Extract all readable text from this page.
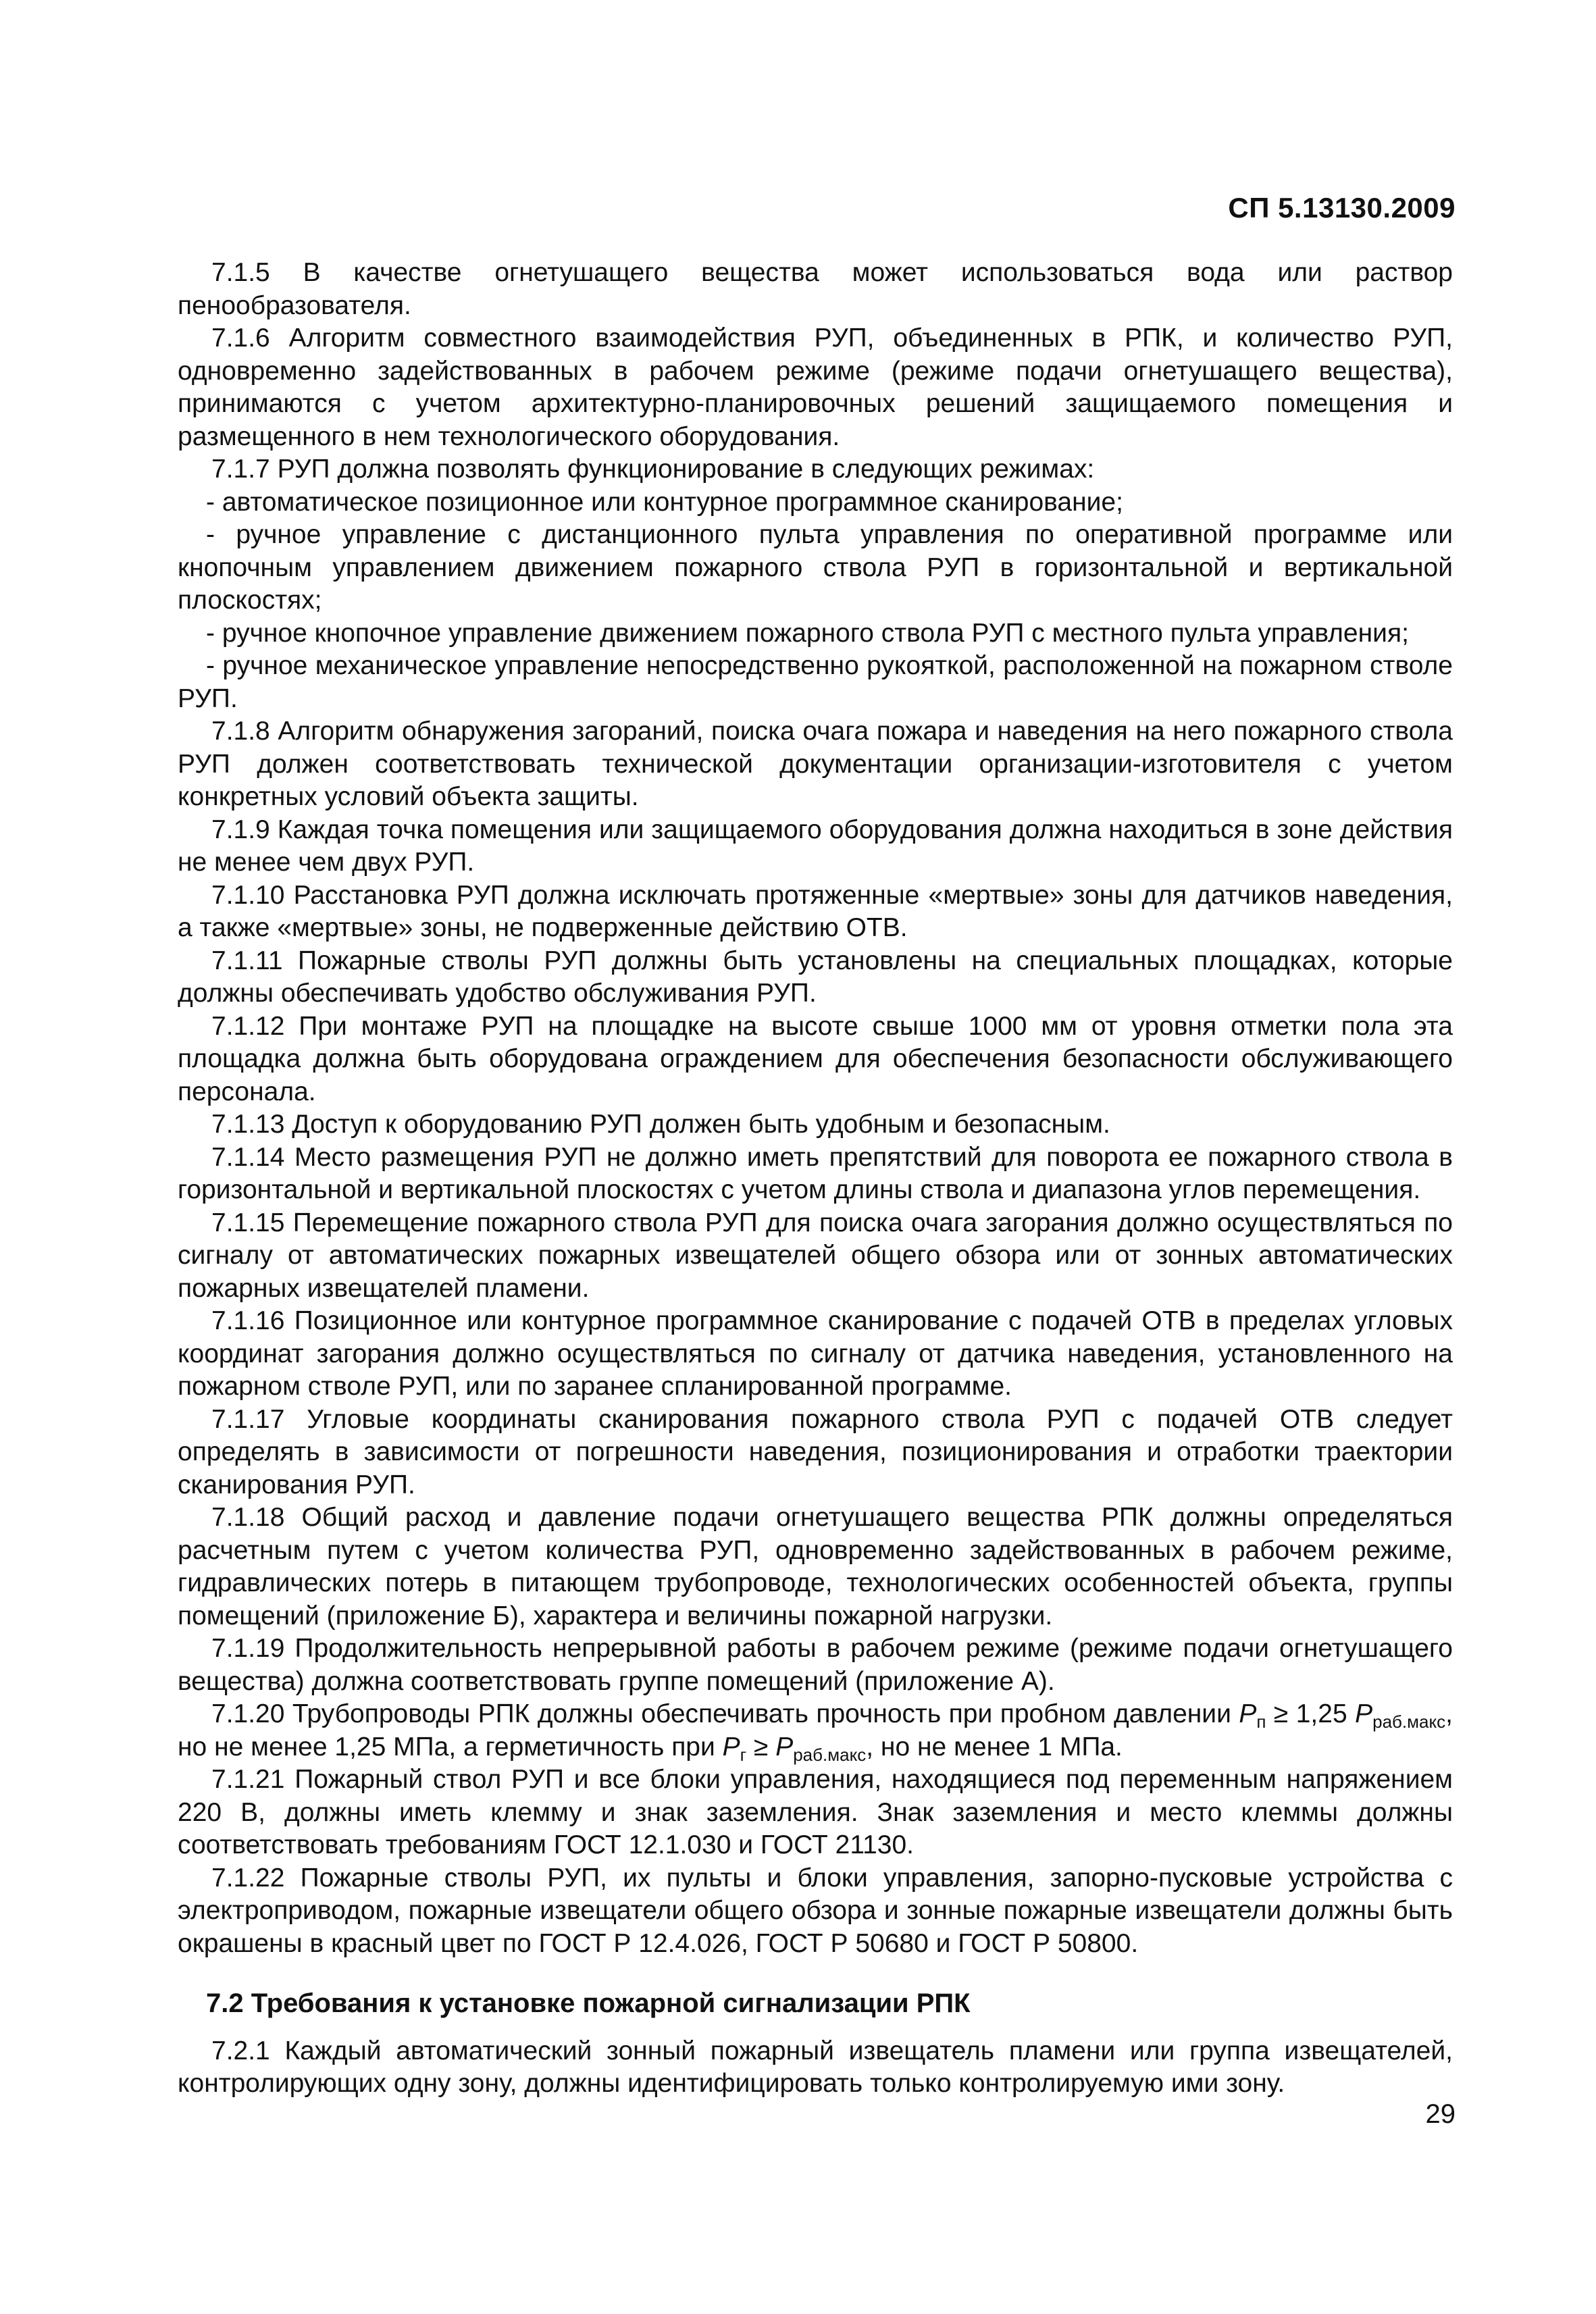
СП 5.13130.2009

7.1.5 В качестве огнетушащего вещества может использоваться вода или раствор пенообразователя.

7.1.6 Алгоритм совместного взаимодействия РУП, объединенных в РПК, и количество РУП, одновременно задействованных в рабочем режиме (режиме подачи огнетушащего вещества), принимаются с учетом архитектурно-планировочных решений защищаемого помещения и размещенного в нем технологического оборудования.

7.1.7 РУП должна позволять функционирование в следующих режимах:

- автоматическое позиционное или контурное программное сканирование;

- ручное управление с дистанционного пульта управления по оперативной программе или кнопочным управлением движением пожарного ствола РУП в горизонтальной и вертикальной плоскостях;

- ручное кнопочное управление движением пожарного ствола РУП с местного пульта управления;

- ручное механическое управление непосредственно рукояткой, расположенной на пожарном стволе РУП.

7.1.8 Алгоритм обнаружения загораний, поиска очага пожара и наведения на него пожарного ствола РУП должен соответствовать технической документации организации-изготовителя с учетом конкретных условий объекта защиты.

7.1.9 Каждая точка помещения или защищаемого оборудования должна находиться в зоне действия не менее чем двух РУП.

7.1.10 Расстановка РУП должна исключать протяженные «мертвые» зоны для датчиков наведения, а также «мертвые» зоны, не подверженные действию ОТВ.

7.1.11 Пожарные стволы РУП должны быть установлены на специальных площадках, которые должны обеспечивать удобство обслуживания РУП.

7.1.12 При монтаже РУП на площадке на высоте свыше 1000 мм от уровня отметки пола эта площадка должна быть оборудована ограждением для обеспечения безопасности обслуживающего персонала.

7.1.13 Доступ к оборудованию РУП должен быть удобным и безопасным.

7.1.14 Место размещения РУП не должно иметь препятствий для поворота ее пожарного ствола в горизонтальной и вертикальной плоскостях с учетом длины ствола и диапазона углов перемещения.

7.1.15 Перемещение пожарного ствола РУП для поиска очага загорания должно осуществляться по сигналу от автоматических пожарных извещателей общего обзора или от зонных автоматических пожарных извещателей пламени.

7.1.16 Позиционное или контурное программное сканирование с подачей ОТВ в пределах угловых координат загорания должно осуществляться по сигналу от датчика наведения, установленного на пожарном стволе РУП, или по заранее спланированной программе.

7.1.17 Угловые координаты сканирования пожарного ствола РУП с подачей ОТВ следует определять в зависимости от погрешности наведения, позиционирования и отработки траектории сканирования РУП.

7.1.18 Общий расход и давление подачи огнетушащего вещества РПК должны определяться расчетным путем с учетом количества РУП, одновременно задействованных в рабочем режиме, гидравлических потерь в питающем трубопроводе, технологических особенностей объекта, группы помещений (приложение Б), характера и величины пожарной нагрузки.

7.1.19 Продолжительность непрерывной работы в рабочем режиме (режиме подачи огнетушащего вещества) должна соответствовать группе помещений (приложение А).

7.1.20 Трубопроводы РПК должны обеспечивать прочность при пробном давлении $P_п \ge 1,25$ $P_{раб.макс}$, но не менее 1,25 МПа, а герметичность при $P_г \ge P_{раб.макс}$, но не менее 1 МПа.

7.1.21 Пожарный ствол РУП и все блоки управления, находящиеся под переменным напряжением 220 В, должны иметь клемму и знак заземления. Знак заземления и место клеммы должны соответствовать требованиям ГОСТ 12.1.030 и ГОСТ 21130.

7.1.22 Пожарные стволы РУП, их пульты и блоки управления, запорно-пусковые устройства с электроприводом, пожарные извещатели общего обзора и зонные пожарные извещатели должны быть окрашены в красный цвет по ГОСТ Р 12.4.026, ГОСТ Р 50680 и ГОСТ Р 50800.

7.2 Требования к установке пожарной сигнализации РПК

7.2.1 Каждый автоматический зонный пожарный извещатель пламени или группа извещателей, контролирующих одну зону, должны идентифицировать только контролируемую ими зону.

29
